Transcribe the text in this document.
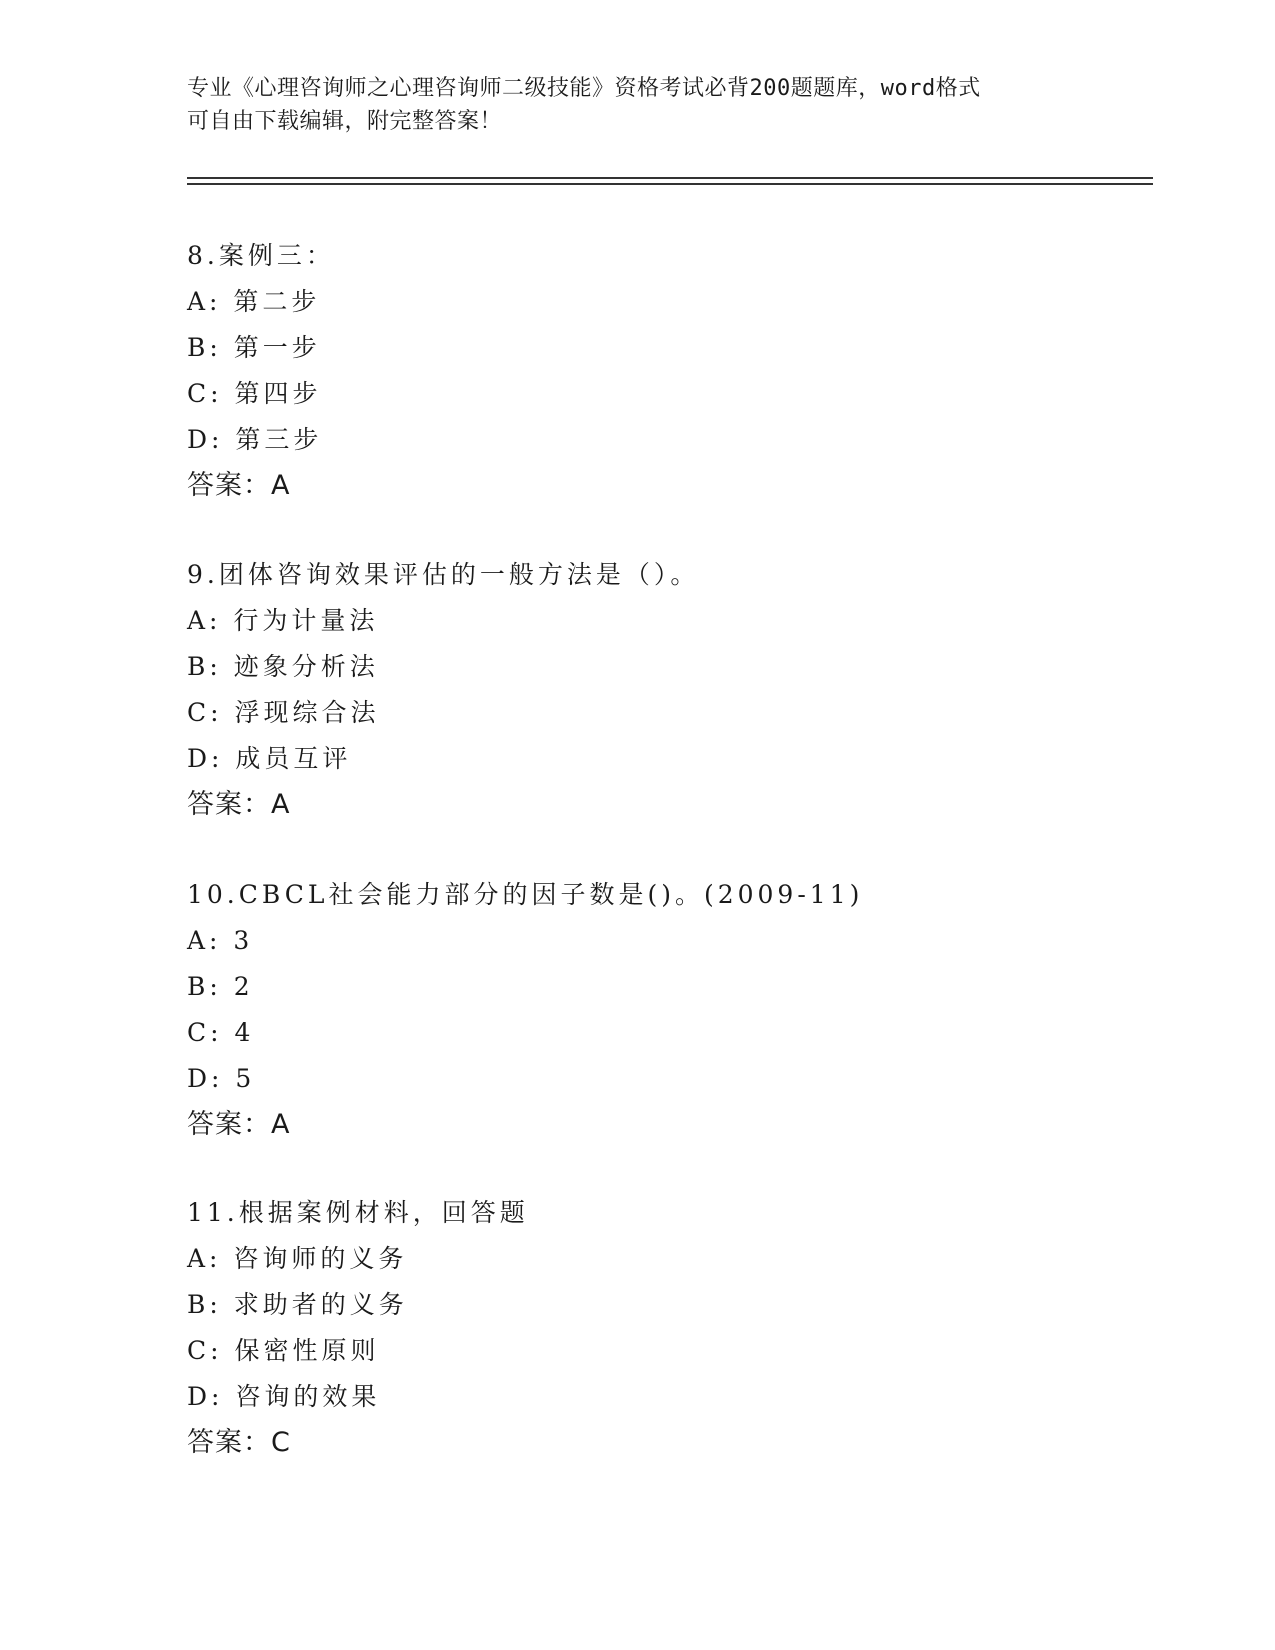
专业《心理咨询师之心理咨询师二级技能》资格考试必背200题题库，word格式
可自由下载编辑，附完整答案！
8.案例三：
A: 第二步
B: 第一步
C: 第四步
D: 第三步
答案：A
9.团体咨询效果评估的一般方法是（）。
A: 行为计量法
B: 迹象分析法
C: 浮现综合法
D: 成员互评
答案：A
10.CBCL社会能力部分的因子数是()。(2009-11)
A: 3
B: 2
C: 4
D: 5
答案：A
11.根据案例材料，回答题
A: 咨询师的义务
B: 求助者的义务
C: 保密性原则
D: 咨询的效果
答案：C
